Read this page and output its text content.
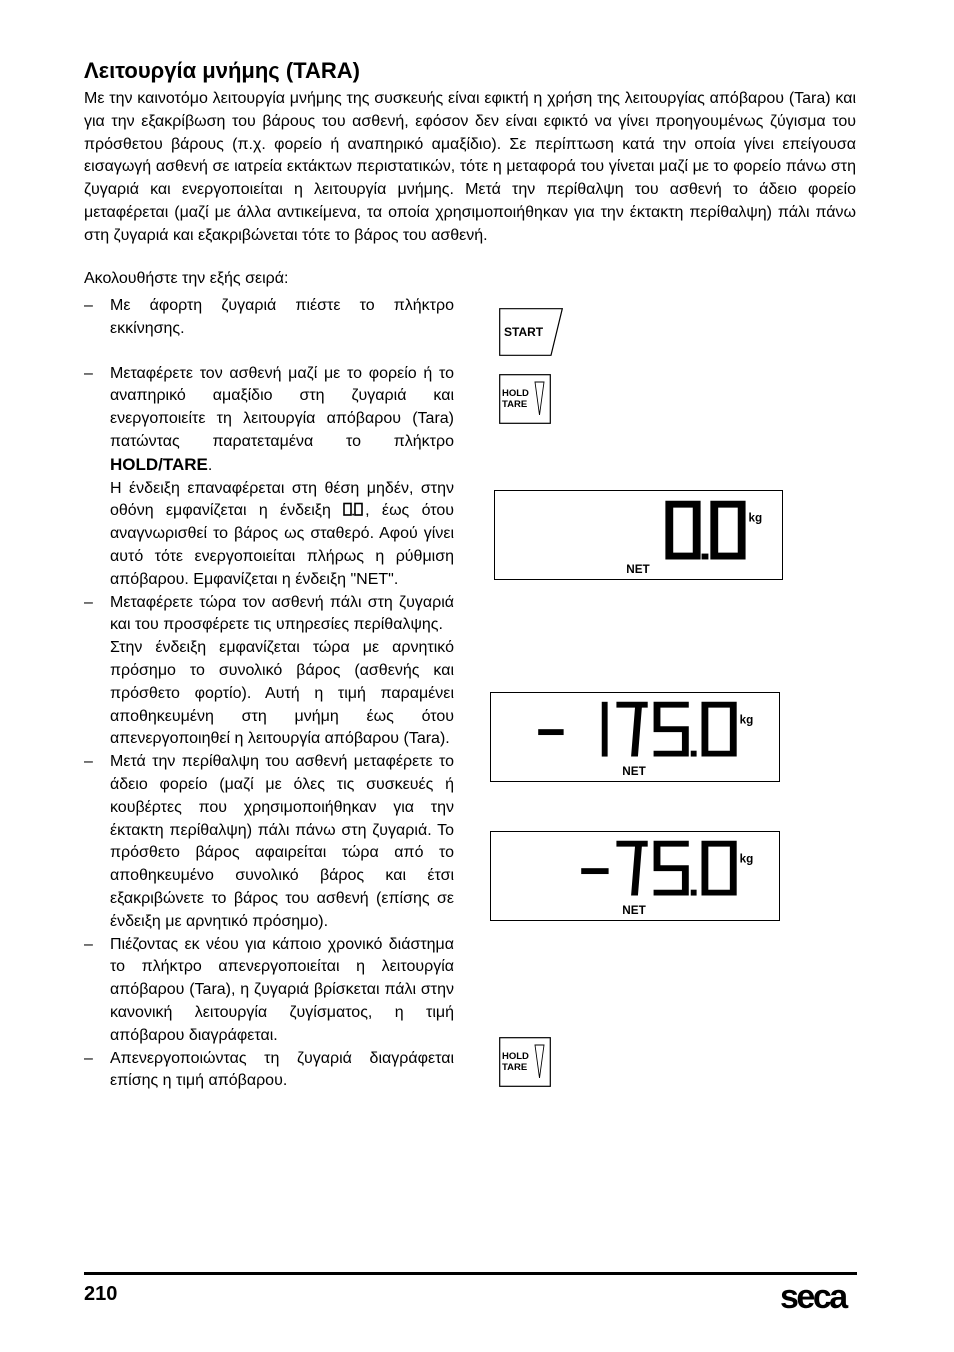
Λειτουργία μνήμης (TARA)

Με την καινοτόμο λειτουργία μνήμης της συσκευής είναι εφικτή η χρήση της λειτουργίας απόβαρου (Tara) και για την εξακρίβωση του βάρους του ασθενή, εφόσον δεν είναι εφικτό να γίνει προηγουμένως ζύγισμα του πρόσθετου βάρους (π.χ. φορείο ή αναπηρικό αμαξίδιο). Σε περίπτωση κατά την οποία γίνει επείγουσα εισαγωγή ασθενή σε ιατρεία εκτάκτων περιστατικών, τότε η μεταφορά του γίνεται μαζί με το φορείο πάνω στη ζυγαριά και ενεργοποιείται η λειτουργία μνήμης. Μετά την περίθαλψη του ασθενή το άδειο φορείο μεταφέρεται (μαζί με άλλα αντικείμενα, τα οποία χρησιμοποιήθηκαν για την έκτακτη περίθαλψη) πάλι πάνω στη ζυγαριά και εξακριβώνεται τότε το βάρος του ασθενή.

Ακολουθήστε την εξής σειρά:

– Με άφορτη ζυγαριά πιέστε το πλήκτρο εκκίνησης.

– Μεταφέρετε τον ασθενή μαζί με το φορείο ή το αναπηρικό αμαξίδιο στη ζυγαριά και ενεργοποιείτε τη λειτουργία απόβαρου (Tara) πατώντας παρατεταμένα το πλήκτρο HOLD/TARE.

Η ένδειξη επαναφέρεται στη θέση μηδέν, στην οθόνη εμφανίζεται η ένδειξη , έως ότου αναγνωρισθεί το βάρος ως σταθερό. Αφού γίνει αυτό τότε ενεργοποιείται πλήρως η ρύθμιση απόβαρου. Εμφανίζεται η ένδειξη "NET".

– Μεταφέρετε τώρα τον ασθενή πάλι στη ζυγαριά και του προσφέρετε τις υπηρεσίες περίθαλψης.

Στην ένδειξη εμφανίζεται τώρα με αρνητικό πρόσημο το συνολικό βάρος (ασθενής και πρόσθετο φορτίο). Αυτή η τιμή παραμένει αποθηκευμένη στη μνήμη έως ότου απενεργοποιηθεί η λειτουργία απόβαρου (Tara).

– Μετά την περίθαλψη του ασθενή μεταφέρετε το άδειο φορείο (μαζί με όλες τις συσκευές ή κουβέρτες που χρησιμοποιήθηκαν για την έκτακτη περίθαλψη) πάλι πάνω στη ζυγαριά. Το πρόσθετο βάρος αφαιρείται τώρα από το αποθηκευμένο συνολικό βάρος και έτσι εξακριβώνετε το βάρος του ασθενή (επίσης σε ένδειξη με αρνητικό πρόσημο).

– Πιέζοντας εκ νέου για κάποιο χρονικό διάστημα το πλήκτρο απενεργοποιείται η λειτουργία απόβαρου (Tara), η ζυγαριά βρίσκεται πάλι στην κανονική λειτουργία ζυγίσματος, η τιμή απόβαρου διαγράφεται.

– Απενεργοποιώντας τη ζυγαριά διαγράφεται επίσης η τιμή απόβαρου.

START
HOLD
TARE
kg
NET
kg
NET
kg
NET
HOLD
TARE
210	seca
